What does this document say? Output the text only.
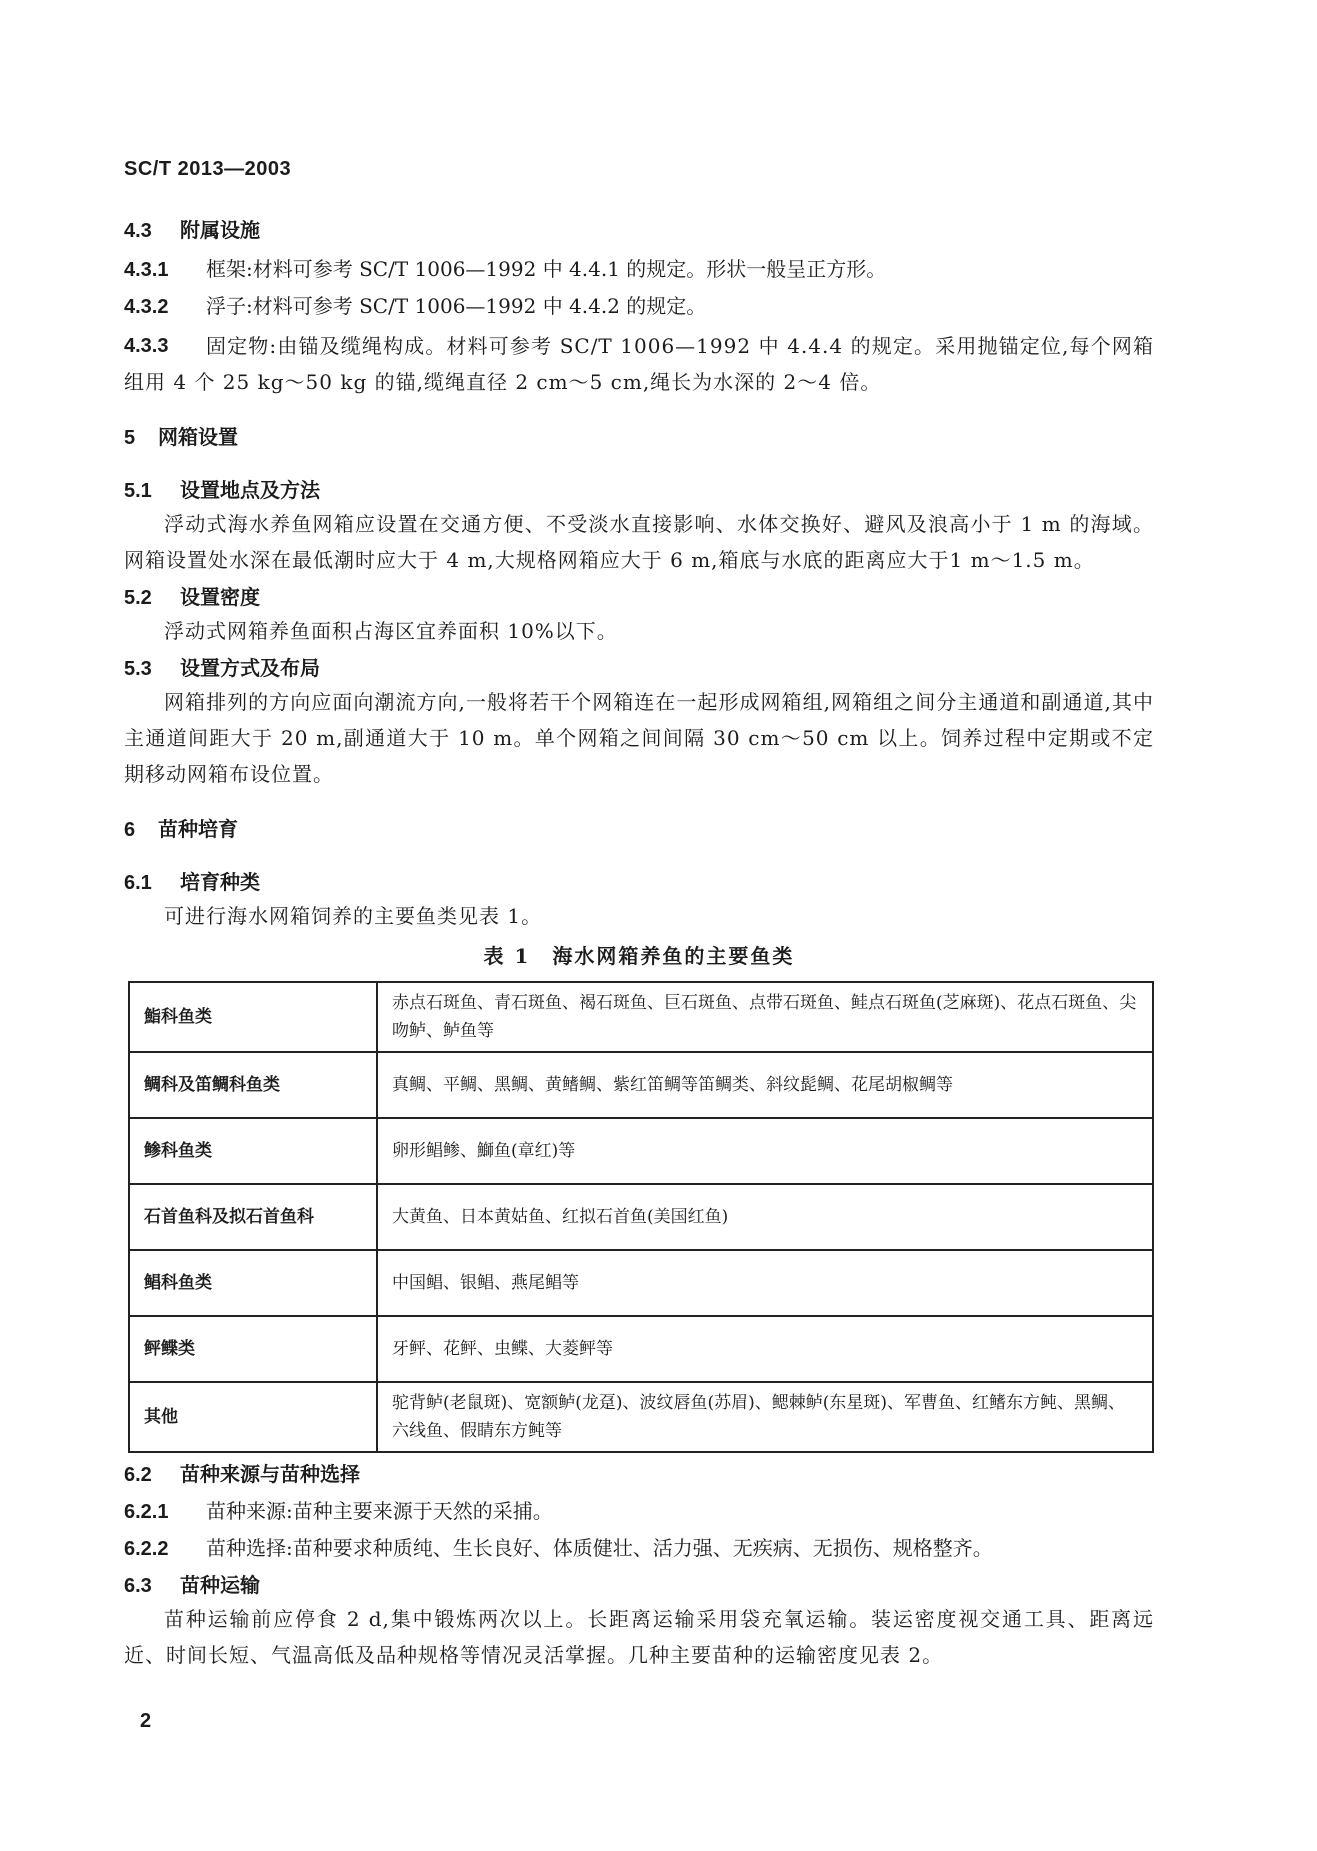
SC/T 2013—2003
4.3 附属设施
4.3.1 框架:材料可参考 SC/T 1006—1992 中 4.4.1 的规定。形状一般呈正方形。
4.3.2 浮子:材料可参考 SC/T 1006—1992 中 4.4.2 的规定。
4.3.3	固定物:由锚及缆绳构成。材料可参考 SC/T 1006—1992 中 4.4.4 的规定。采用抛锚定位,每个网箱组用 4 个 25 kg～50 kg 的锚,缆绳直径 2 cm～5 cm,绳长为水深的 2～4 倍。
5 网箱设置
5.1 设置地点及方法
浮动式海水养鱼网箱应设置在交通方便、不受淡水直接影响、水体交换好、避风及浪高小于 1 m 的海域。网箱设置处水深在最低潮时应大于 4 m,大规格网箱应大于 6 m,箱底与水底的距离应大于1 m～1.5 m。
5.2 设置密度
浮动式网箱养鱼面积占海区宜养面积 10%以下。
5.3 设置方式及布局
网箱排列的方向应面向潮流方向,一般将若干个网箱连在一起形成网箱组,网箱组之间分主通道和副通道,其中主通道间距大于 20 m,副通道大于 10 m。单个网箱之间间隔 30 cm～50 cm 以上。饲养过程中定期或不定期移动网箱布设位置。
6 苗种培育
6.1 培育种类
可进行海水网箱饲养的主要鱼类见表 1。
表 1　海水网箱养鱼的主要鱼类
鮨科鱼类	赤点石斑鱼、青石斑鱼、褐石斑鱼、巨石斑鱼、点带石斑鱼、鲑点石斑鱼(芝麻斑)、花点石斑鱼、尖吻鲈、鲈鱼等
鲷科及笛鲷科鱼类	真鲷、平鲷、黑鲷、黄鳍鲷、紫红笛鲷等笛鲷类、斜纹髭鲷、花尾胡椒鲷等
鲹科鱼类	卵形鲳鲹、鰤鱼(章红)等
石首鱼科及拟石首鱼科	大黄鱼、日本黄姑鱼、红拟石首鱼(美国红鱼)
鲳科鱼类	中国鲳、银鲳、燕尾鲳等
鲆鲽类	牙鲆、花鲆、虫鲽、大菱鲆等
其他	驼背鲈(老鼠斑)、宽额鲈(龙趸)、波纹唇鱼(苏眉)、鳃棘鲈(东星斑)、军曹鱼、红鳍东方鲀、黑鲷、六线鱼、假睛东方鲀等
6.2 苗种来源与苗种选择
6.2.1 苗种来源:苗种主要来源于天然的采捕。
6.2.2 苗种选择:苗种要求种质纯、生长良好、体质健壮、活力强、无疾病、无损伤、规格整齐。
6.3 苗种运输
苗种运输前应停食 2 d,集中锻炼两次以上。长距离运输采用袋充氧运输。装运密度视交通工具、距离远近、时间长短、气温高低及品种规格等情况灵活掌握。几种主要苗种的运输密度见表 2。
2
